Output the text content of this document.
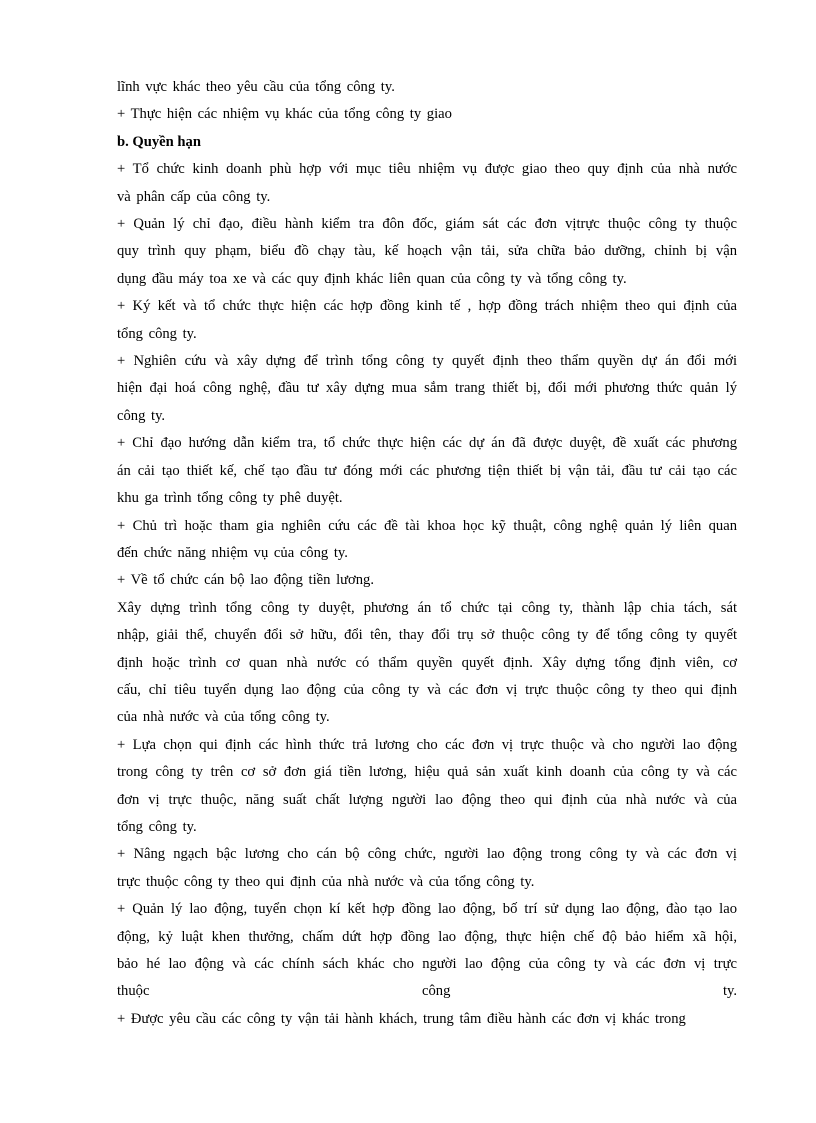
lĩnh vực khác theo yêu cầu của tổng công ty.
+ Thực hiện các nhiệm vụ khác của tổng công ty giao

b. Quyền hạn

+ Tổ chức kinh doanh phù hợp với mục tiêu nhiệm vụ được giao theo quy định của nhà nước
và phân cấp của công ty.
+ Quản lý chỉ đạo, điều hành kiểm tra đôn đốc, giám sát các đơn vịtrực thuộc công ty thuộc
quy trình quy phạm, biểu đồ chạy tàu, kế hoạch vận tải, sửa chữa bảo dưỡng, chỉnh bị vận
dụng đầu máy toa xe và các quy định khác liên quan của công ty và tổng công ty.
+ Ký kết và tổ chức thực hiện các hợp đồng kinh tế , hợp đồng trách nhiệm theo qui định của
tổng công ty.
+ Nghiên cứu và xây dựng để trình tổng công ty quyết định theo thẩm quyền dự án đổi mới
hiện đại hoá công nghệ, đầu tư xây dựng mua sắm trang thiết bị, đổi mới phương thức quản lý
công ty.
+ Chỉ đạo hướng dẫn kiểm tra, tổ chức thực hiện các dự án đã được duyệt, đề xuất các phương
án cải tạo thiết kế, chế tạo đầu tư đóng mới các phương tiện thiết bị vận tải, đầu tư cải tạo các
khu ga trình tổng công ty phê duyệt.
+ Chủ trì hoặc tham gia nghiên cứu các đề tài khoa học kỹ thuật, công nghệ quản lý liên quan
đến chức năng nhiệm vụ của công ty.
+ Về tổ chức cán bộ lao động tiền lương.
Xây dựng trình tổng công ty duyệt, phương án tổ chức tại công ty, thành lập chia tách, sát
nhập, giải thể, chuyển đổi sở hữu, đổi tên, thay đổi trụ sở thuộc công ty để tổng công ty quyết
định hoặc trình cơ quan nhà nước có thẩm quyền quyết định. Xây dựng tổng định viên, cơ
cấu, chỉ tiêu tuyển dụng lao động của công ty và các đơn vị trực thuộc công ty theo qui định
của nhà nước và của tổng công ty.
+ Lựa chọn qui định các hình thức trả lương cho các đơn vị trực thuộc và cho người lao động
trong công ty trên cơ sở đơn giá tiền lương, hiệu quả sản xuất kinh doanh của công ty và các
đơn vị trực thuộc, năng suất chất lượng người lao động theo qui định của nhà nước và của
tổng công ty.
+ Nâng ngạch bậc lương cho cán bộ công chức, người lao động trong công ty và các đơn vị
trực thuộc công ty theo qui định của nhà nước và của tổng công ty.
+ Quản lý lao động, tuyển chọn kí kết hợp đồng lao động, bố trí sử dụng lao động, đào tạo lao
động, kỷ luật khen thưởng, chấm dứt hợp đồng lao động, thực hiện chế độ bảo hiểm xã hội,
bảo hé lao động và các chính sách khác cho người lao động của công ty và các đơn vị trực
thuộc công ty.
+ Được yêu cầu các công ty vận tải hành khách, trung tâm điều hành các đơn vị khác trong
